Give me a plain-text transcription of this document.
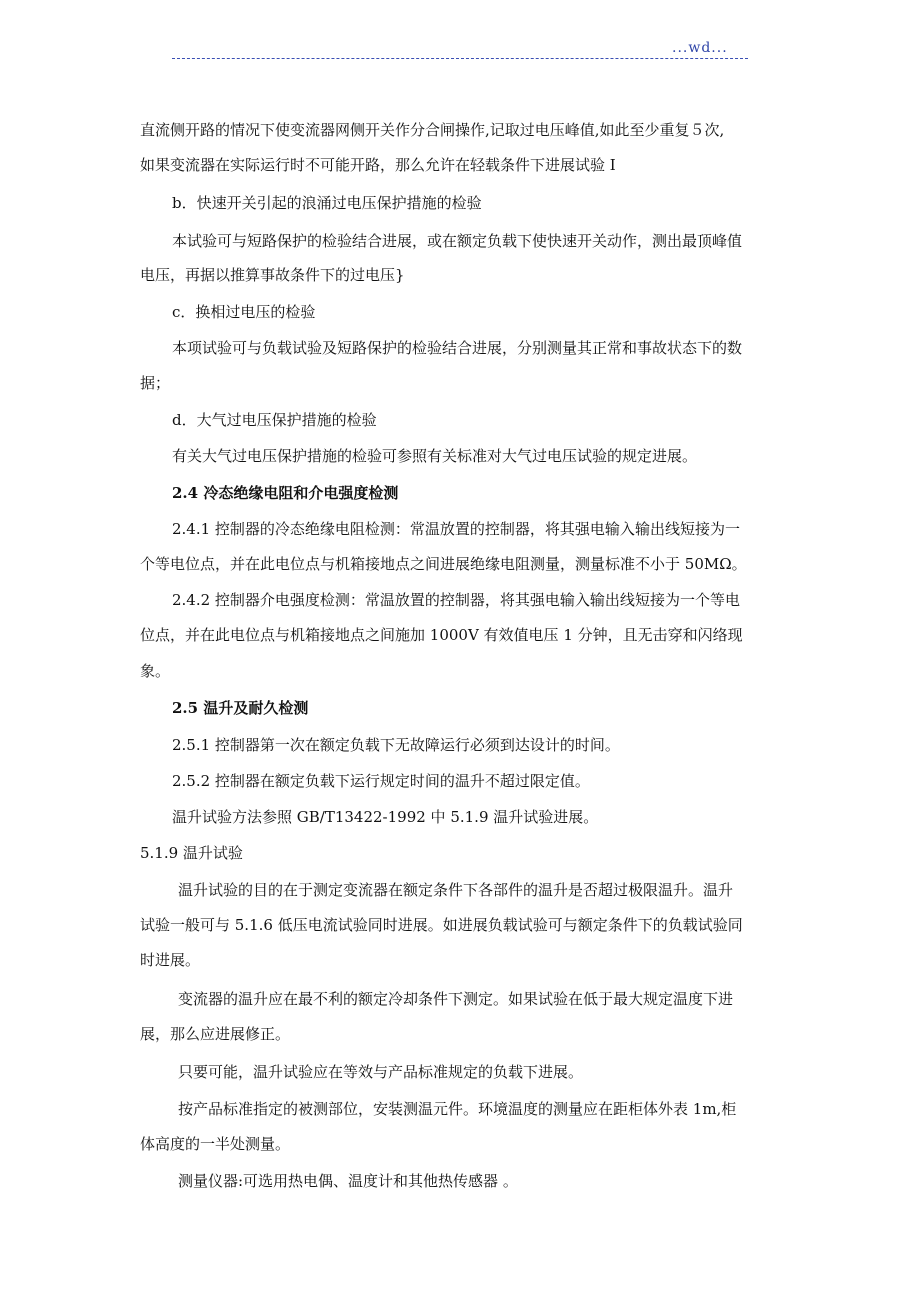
...wd...
直流侧开路的情况下使变流器网侧开关作分合闸操作,记取过电压峰值,如此至少重复５次,
如果变流器在实际运行时不可能开路，那么允许在轻载条件下进展试验 I
b．快速开关引起的浪涌过电压保护措施的检验
本试验可与短路保护的检验结合进展，或在额定负载下使快速开关动作，测出最顶峰值
电压，再据以推算事故条件下的过电压}
c．换相过电压的检验
本项试验可与负载试验及短路保护的检验结合进展，分别测量其正常和事故状态下的数
据；
d．大气过电压保护措施的检验
有关大气过电压保护措施的检验可参照有关标准对大气过电压试验的规定进展。
2.4 冷态绝缘电阻和介电强度检测
2.4.1 控制器的冷态绝缘电阻检测：常温放置的控制器，将其强电输入输出线短接为一
个等电位点，并在此电位点与机箱接地点之间进展绝缘电阻测量，测量标准不小于 50MΩ。
2.4.2 控制器介电强度检测：常温放置的控制器，将其强电输入输出线短接为一个等电
位点，并在此电位点与机箱接地点之间施加 1000V 有效值电压 1 分钟，且无击穿和闪络现
象。
2.5 温升及耐久检测
2.5.1 控制器第一次在额定负载下无故障运行必须到达设计的时间。
2.5.2 控制器在额定负载下运行规定时间的温升不超过限定值。
温升试验方法参照 GB/T13422-1992 中 5.1.9 温升试验进展。
5.1.9 温升试验
温升试验的目的在于测定变流器在额定条件下各部件的温升是否超过极限温升。温升
试验一般可与 5.1.6 低压电流试验同时进展。如进展负载试验可与额定条件下的负载试验同
时进展。
变流器的温升应在最不利的额定冷却条件下测定。如果试验在低于最大规定温度下进
展，那么应进展修正。
只要可能，温升试验应在等效与产品标准规定的负载下进展。
按产品标准指定的被测部位，安装测温元件。环境温度的测量应在距柜体外表 1m,柜
体高度的一半处测量。
测量仪器:可选用热电偶、温度计和其他热传感器 。
